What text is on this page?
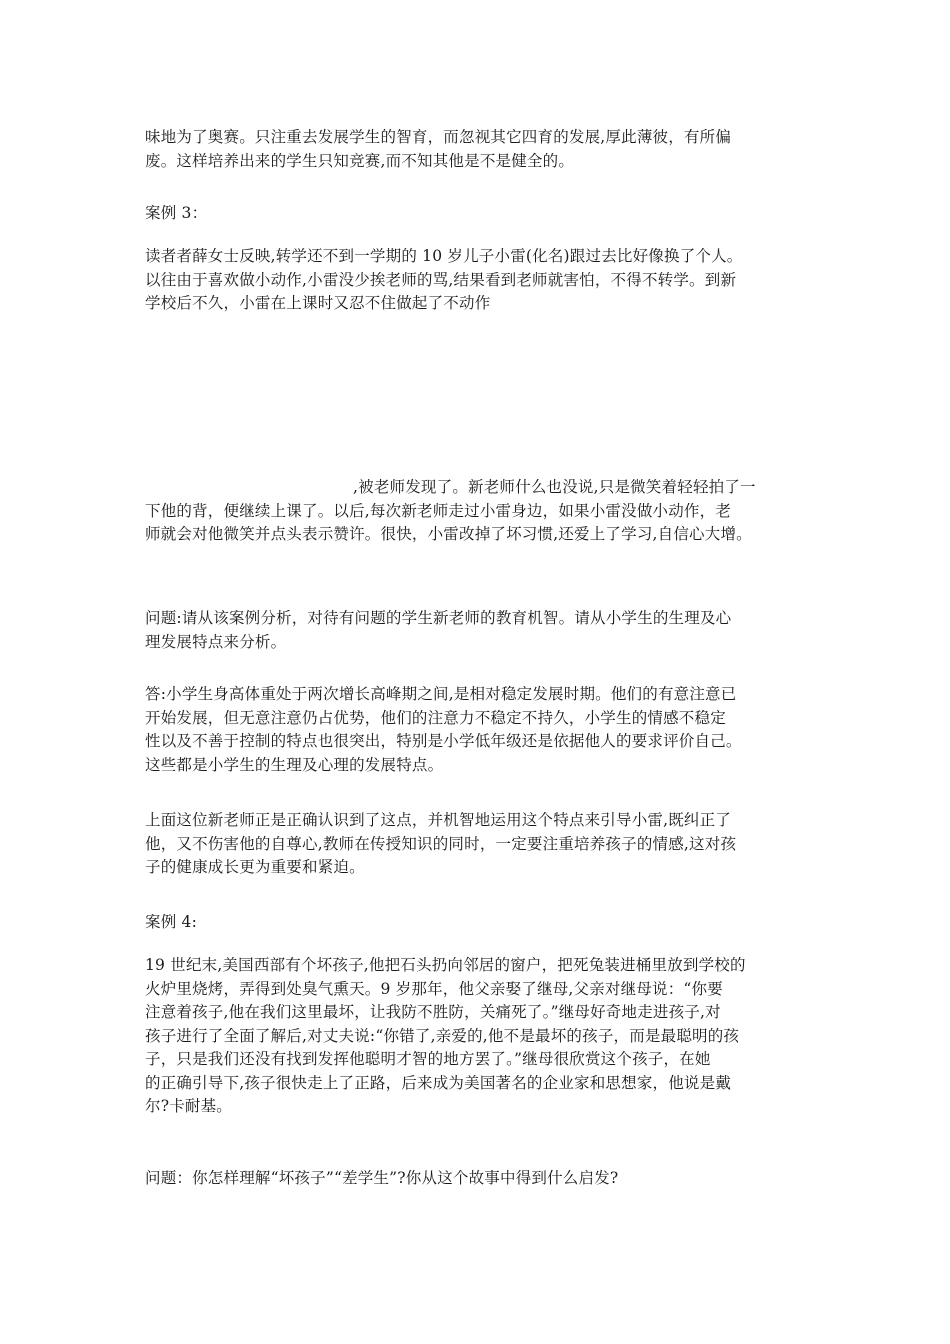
味地为了奥赛。只注重去发展学生的智育，而忽视其它四育的发展,厚此薄彼，有所偏
废。这样培养出来的学生只知竞赛,而不知其他是不是健全的。

案例 3：

读者者薛女士反映,转学还不到一学期的 10 岁儿子小雷(化名)跟过去比好像换了个人。
以往由于喜欢做小动作,小雷没少挨老师的骂,结果看到老师就害怕，不得不转学。到新
学校后不久，小雷在上课时又忍不住做起了不动作

,被老师发现了。新老师什么也没说,只是微笑着轻轻拍了一
下他的背，便继续上课了。以后,每次新老师走过小雷身边，如果小雷没做小动作，老
师就会对他微笑并点头表示赞许。很快，小雷改掉了坏习惯,还爱上了学习,自信心大增。

问题:请从该案例分析，对待有问题的学生新老师的教育机智。请从小学生的生理及心
理发展特点来分析。

答:小学生身高体重处于两次增长高峰期之间,是相对稳定发展时期。他们的有意注意已
开始发展，但无意注意仍占优势，他们的注意力不稳定不持久，小学生的情感不稳定
性以及不善于控制的特点也很突出，特别是小学低年级还是依据他人的要求评价自己。
这些都是小学生的生理及心理的发展特点。

上面这位新老师正是正确认识到了这点，并机智地运用这个特点来引导小雷,既纠正了
他，又不伤害他的自尊心,教师在传授知识的同时，一定要注重培养孩子的情感,这对孩
子的健康成长更为重要和紧迫。

案例 4:

19 世纪末,美国西部有个坏孩子,他把石头扔向邻居的窗户，把死兔装进桶里放到学校的
火炉里烧烤，弄得到处臭气熏天。9 岁那年，他父亲娶了继母,父亲对继母说：“你要
注意着孩子,他在我们这里最坏，让我防不胜防，关痛死了。”继母好奇地走进孩子,对
孩子进行了全面了解后,对丈夫说:“你错了,亲爱的,他不是最坏的孩子，而是最聪明的孩
子，只是我们还没有找到发挥他聪明才智的地方罢了。”继母很欣赏这个孩子，在她
的正确引导下,孩子很快走上了正路，后来成为美国著名的企业家和思想家，他说是戴
尔?卡耐基。

问题：你怎样理解“坏孩子”“差学生”?你从这个故事中得到什么启发?
